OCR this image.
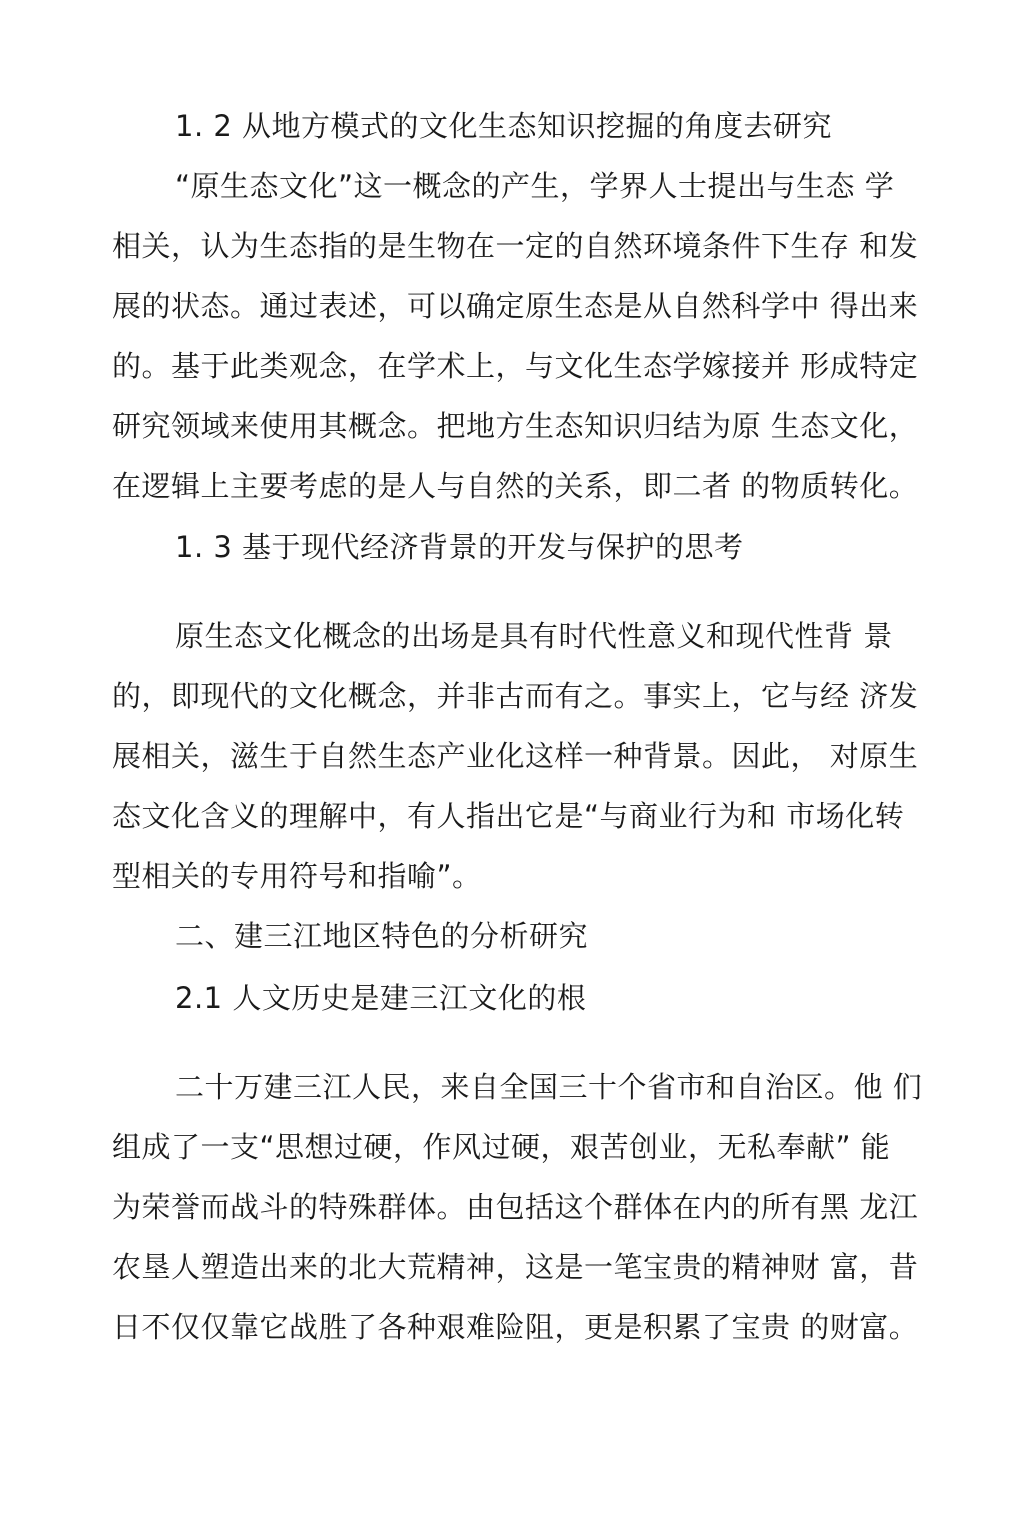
1. 2 从地方模式的文化生态知识挖掘的角度去研究
“原生态文化”这一概念的产生，学界人士提出与生态 学
相关，认为生态指的是生物在一定的自然环境条件下生存 和发
展的状态。通过表述，可以确定原生态是从自然科学中 得出来
的。基于此类观念，在学术上，与文化生态学嫁接并 形成特定
研究领域来使用其概念。把地方生态知识归结为原 生态文化，
在逻辑上主要考虑的是人与自然的关系，即二者 的物质转化。
1. 3 基于现代经济背景的开发与保护的思考
原生态文化概念的出场是具有时代性意义和现代性背 景
的，即现代的文化概念，并非古而有之。事实上，它与经 济发
展相关，滋生于自然生态产业化这样一种背景。因此， 对原生
态文化含义的理解中，有人指出它是“与商业行为和 市场化转
型相关的专用符号和指喻”。
二、建三江地区特色的分析研究
2.1 人文历史是建三江文化的根
二十万建三江人民，来自全国三十个省市和自治区。他 们
组成了一支“思想过硬，作风过硬，艰苦创业，无私奉献” 能
为荣誉而战斗的特殊群体。由包括这个群体在内的所有黑 龙江
农垦人塑造出来的北大荒精神，这是一笔宝贵的精神财 富，昔
日不仅仅靠它战胜了各种艰难险阻，更是积累了宝贵 的财富。
